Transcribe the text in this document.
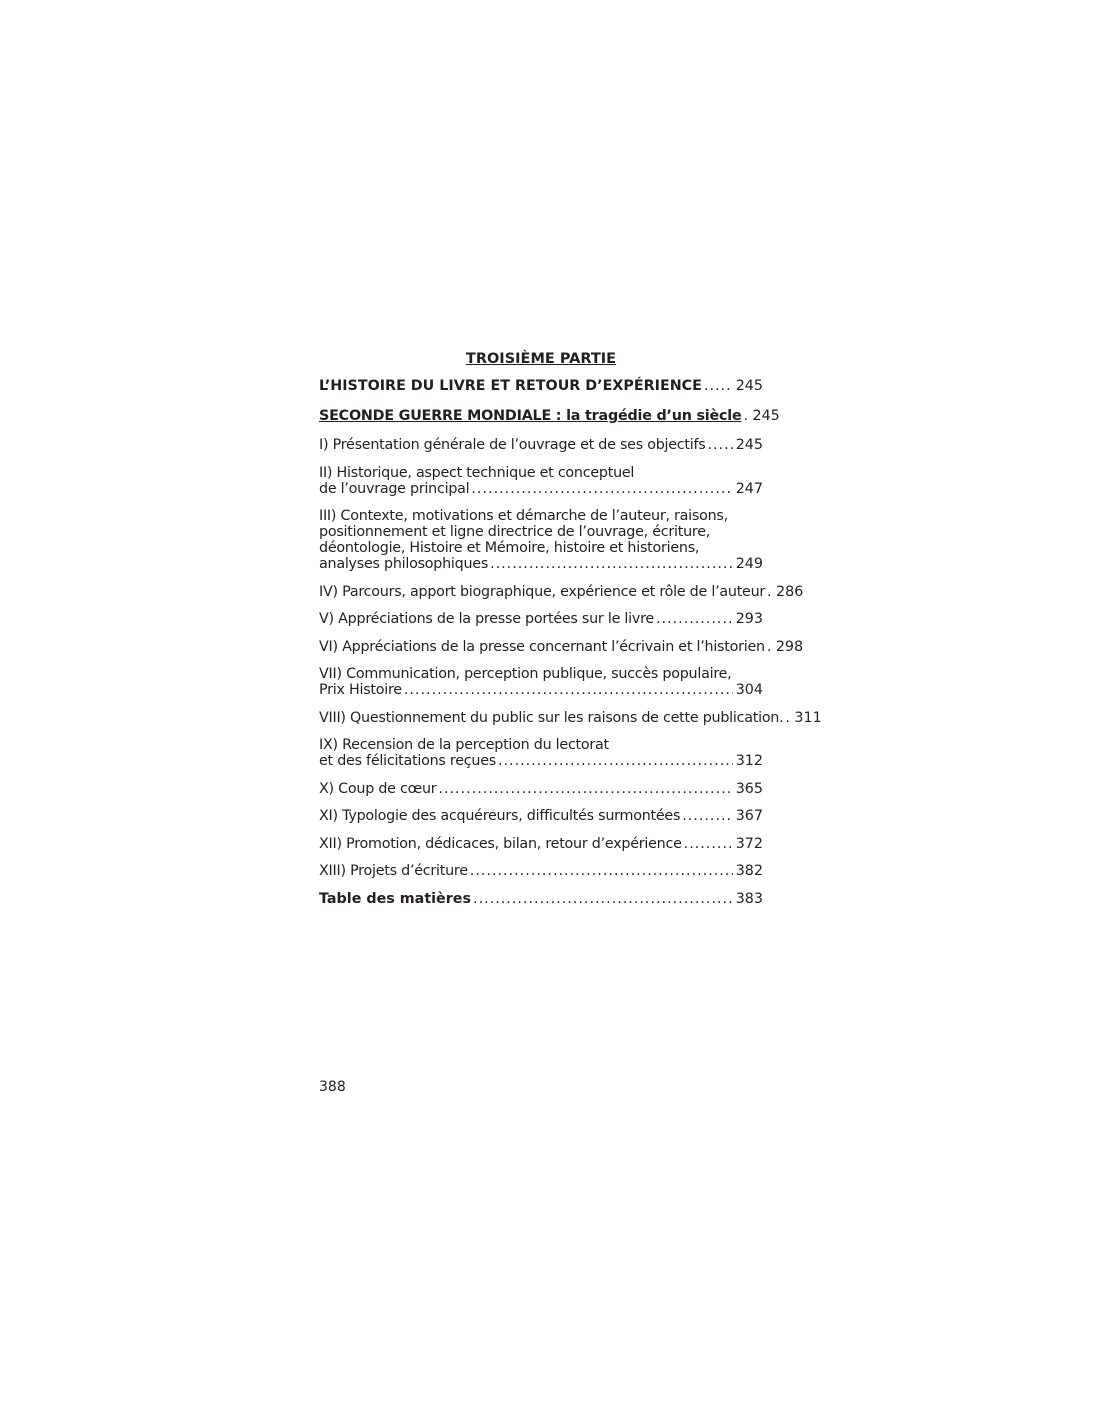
TROISIÈME PARTIE
L’HISTOIRE DU LIVRE ET RETOUR D’EXPÉRIENCE ..... 245
SECONDE GUERRE MONDIALE : la tragédie d’un siècle ..... 245
I) Présentation générale de l’ouvrage et de ses objectifs ..... 245
II) Historique, aspect technique et conceptuel
de l’ouvrage principal .....	247
III) Contexte, motivations et démarche de l’auteur, raisons,
positionnement et ligne directrice de l’ouvrage, écriture,
déontologie, Histoire et Mémoire, histoire et historiens,
analyses philosophiques .....	249
IV) Parcours, apport biographique, expérience et rôle de l’auteur ..... 286
V) Appréciations de la presse portées sur le livre .....	293
VI) Appréciations de la presse concernant l’écrivain et l’historien ..... 298
VII) Communication, perception publique, succès populaire,
Prix Histoire .....	304
VIII) Questionnement du public sur les raisons de cette publication. ..... 311
IX) Recension de la perception du lectorat
et des félicitations reçues .....	312
X) Coup de cœur .....	365
XI) Typologie des acquéreurs, difficultés surmontées .....	367
XII) Promotion, dédicaces, bilan, retour d’expérience .....	372
XIII) Projets d’écriture .....	382
Table des matières .....	383
388
